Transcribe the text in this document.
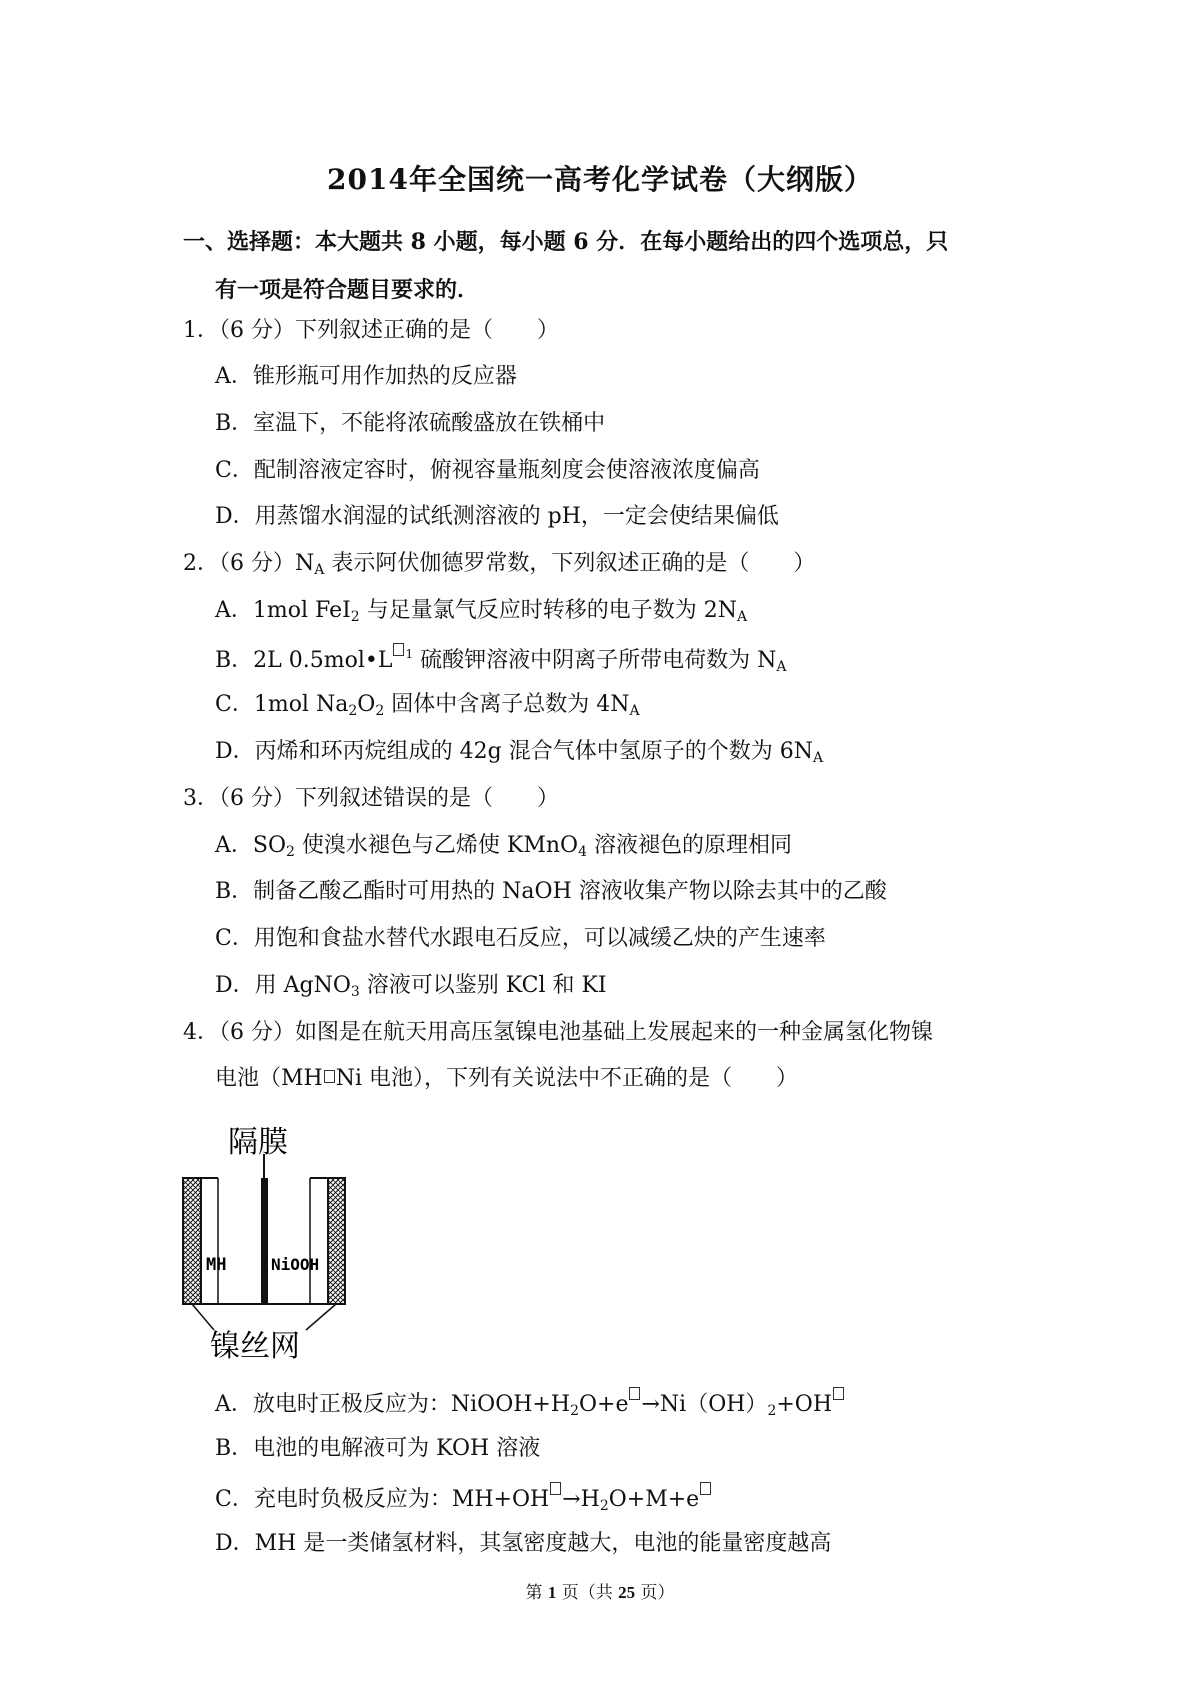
2014年全国统一高考化学试卷（大纲版）
一、选择题：本大题共 8 小题，每小题 6 分．在每小题给出的四个选项总，只
有一项是符合题目要求的．
1．（6 分）下列叙述正确的是（　　）
A．锥形瓶可用作加热的反应器
B．室温下，不能将浓硫酸盛放在铁桶中
C．配制溶液定容时，俯视容量瓶刻度会使溶液浓度偏高
D．用蒸馏水润湿的试纸测溶液的 pH，一定会使结果偏低
2．（6 分）$N_A$ 表示阿伏伽德罗常数，下列叙述正确的是（　　）
A．1mol FeI$_2$ 与足量氯气反应时转移的电子数为 $2N_A$
B．2L 0.5mol•L $^1$ 硫酸钾溶液中阴离子所带电荷数为 $N_A$
C．1mol $Na_2O_2$ 固体中含离子总数为 $4N_A$
D．丙烯和环丙烷组成的 42g 混合气体中氢原子的个数为 $6N_A$
3．（6 分）下列叙述错误的是（　　）
A．$SO_2$ 使溴水褪色与乙烯使 KMnO$_4$ 溶液褪色的原理相同
B．制备乙酸乙酯时可用热的 NaOH 溶液收集产物以除去其中的乙酸
C．用饱和食盐水替代水跟电石反应，可以减缓乙炔的产生速率
D．用 AgNO$_3$ 溶液可以鉴别 KCl 和 KI
4．（6 分）如图是在航天用高压氢镍电池基础上发展起来的一种金属氢化物镍
电池（MH Ni 电池），下列有关说法中不正确的是（　　）
隔膜
MH	NiOOH
镍丝网
A．放电时正极反应为：$NiOOH+H_2O+e \to Ni(OH)_2+OH$
B．电池的电解液可为 KOH 溶液
C．充电时负极反应为：$MH+OH \to H_2O+M+e$
D．MH 是一类储氢材料，其氢密度越大，电池的能量密度越高
第 1 页（共 25 页）
